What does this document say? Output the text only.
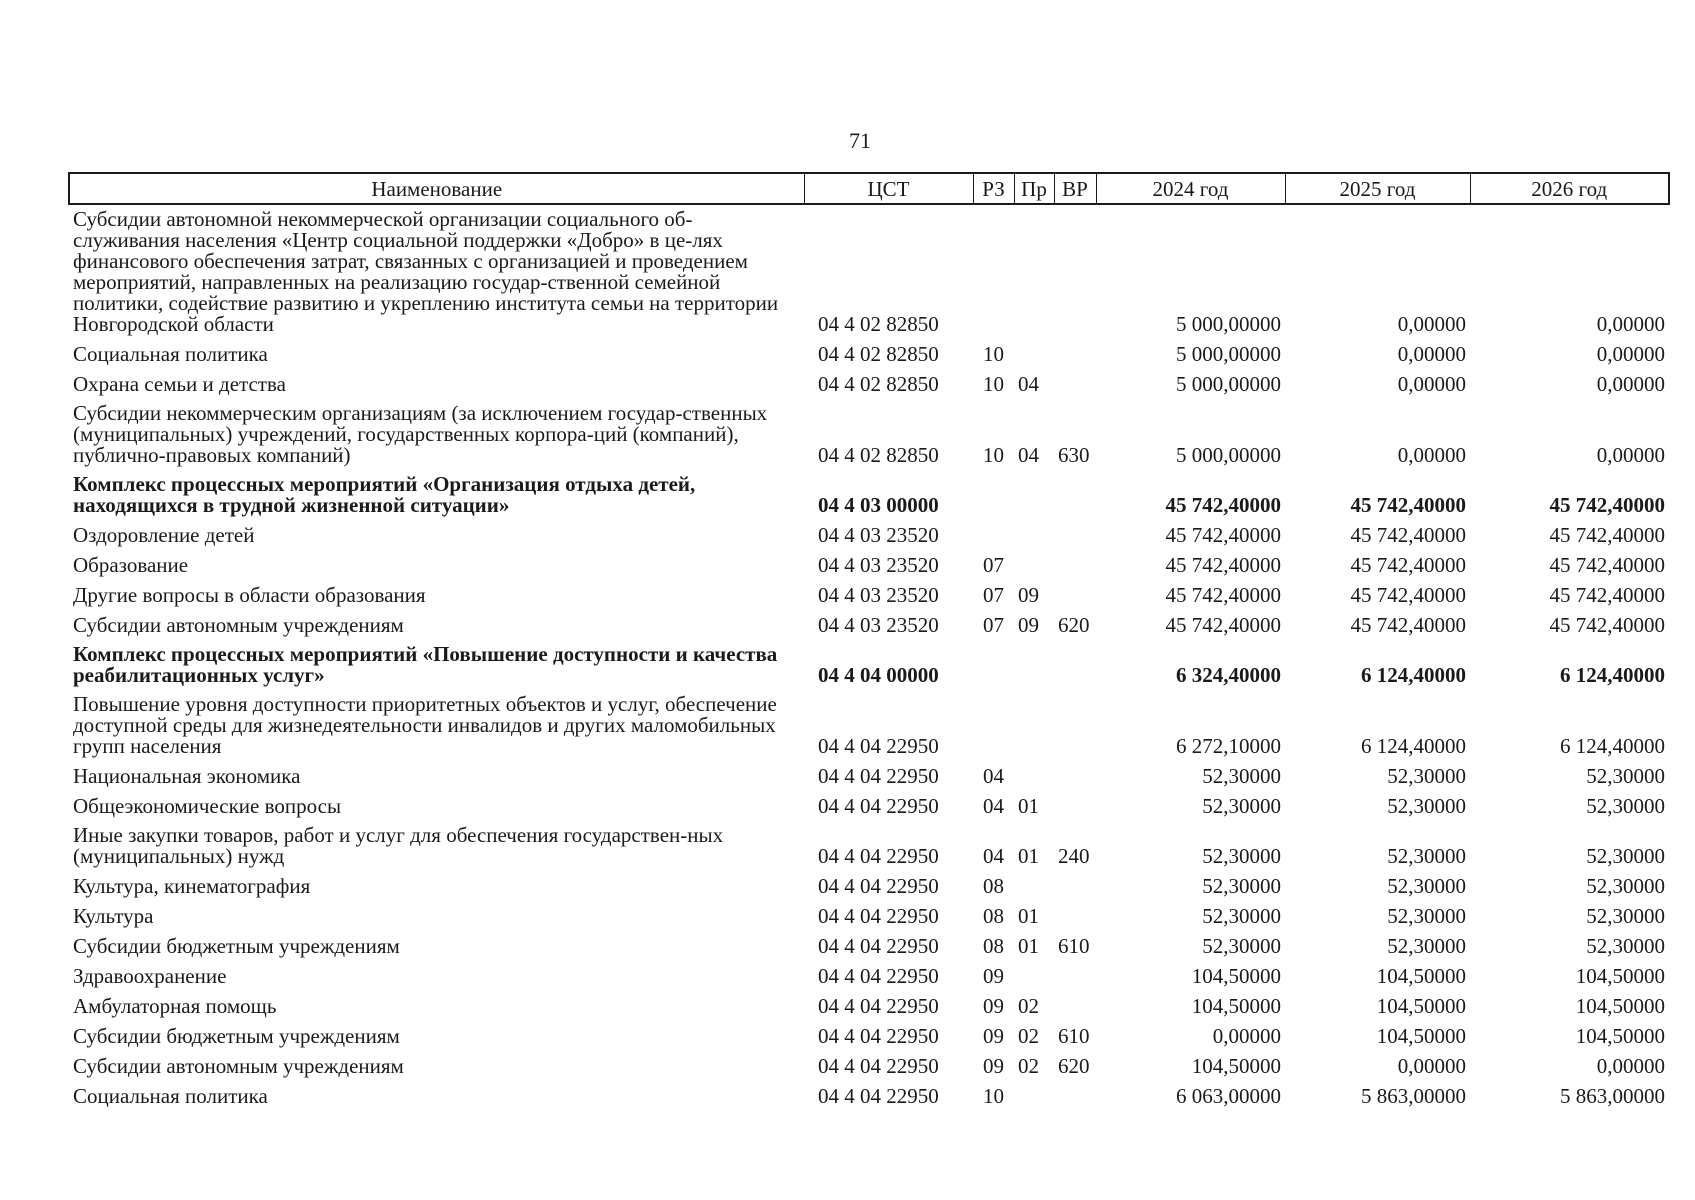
71
Наименование	ЦСТ	РЗ	Пр	ВР	2024 год	2025 год	2026 год
Субсидии автономной некоммерческой организации социального об-служивания населения «Центр социальной поддержки «Добро» в це-лях финансового обеспечения затрат, связанных с организацией и проведением мероприятий, направленных на реализацию государ-ственной семейной политики, содействие развитию и укреплению института семьи на территории Новгородской области	04 4 02 82850				5 000,00000	0,00000	0,00000
Социальная политика	04 4 02 82850	10			5 000,00000	0,00000	0,00000
Охрана семьи и детства	04 4 02 82850	10	04		5 000,00000	0,00000	0,00000
Субсидии некоммерческим организациям (за исключением государ-ственных (муниципальных) учреждений, государственных корпора-ций (компаний), публично-правовых компаний)	04 4 02 82850	10	04	630	5 000,00000	0,00000	0,00000
Комплекс процессных мероприятий «Организация отдыха детей, находящихся в трудной жизненной ситуации»	04 4 03 00000				45 742,40000	45 742,40000	45 742,40000
Оздоровление детей	04 4 03 23520				45 742,40000	45 742,40000	45 742,40000
Образование	04 4 03 23520	07			45 742,40000	45 742,40000	45 742,40000
Другие вопросы в области образования	04 4 03 23520	07	09		45 742,40000	45 742,40000	45 742,40000
Субсидии автономным учреждениям	04 4 03 23520	07	09	620	45 742,40000	45 742,40000	45 742,40000
Комплекс процессных мероприятий «Повышение доступности и качества реабилитационных услуг»	04 4 04 00000				6 324,40000	6 124,40000	6 124,40000
Повышение уровня доступности приоритетных объектов и услуг, обеспечение доступной среды для жизнедеятельности инвалидов и других маломобильных групп населения	04 4 04 22950				6 272,10000	6 124,40000	6 124,40000
Национальная экономика	04 4 04 22950	04			52,30000	52,30000	52,30000
Общеэкономические вопросы	04 4 04 22950	04	01		52,30000	52,30000	52,30000
Иные закупки товаров, работ и услуг для обеспечения государствен-ных (муниципальных) нужд	04 4 04 22950	04	01	240	52,30000	52,30000	52,30000
Культура, кинематография	04 4 04 22950	08			52,30000	52,30000	52,30000
Культура	04 4 04 22950	08	01		52,30000	52,30000	52,30000
Субсидии бюджетным учреждениям	04 4 04 22950	08	01	610	52,30000	52,30000	52,30000
Здравоохранение	04 4 04 22950	09			104,50000	104,50000	104,50000
Амбулаторная помощь	04 4 04 22950	09	02		104,50000	104,50000	104,50000
Субсидии бюджетным учреждениям	04 4 04 22950	09	02	610	0,00000	104,50000	104,50000
Субсидии автономным учреждениям	04 4 04 22950	09	02	620	104,50000	0,00000	0,00000
Социальная политика	04 4 04 22950	10			6 063,00000	5 863,00000	5 863,00000
